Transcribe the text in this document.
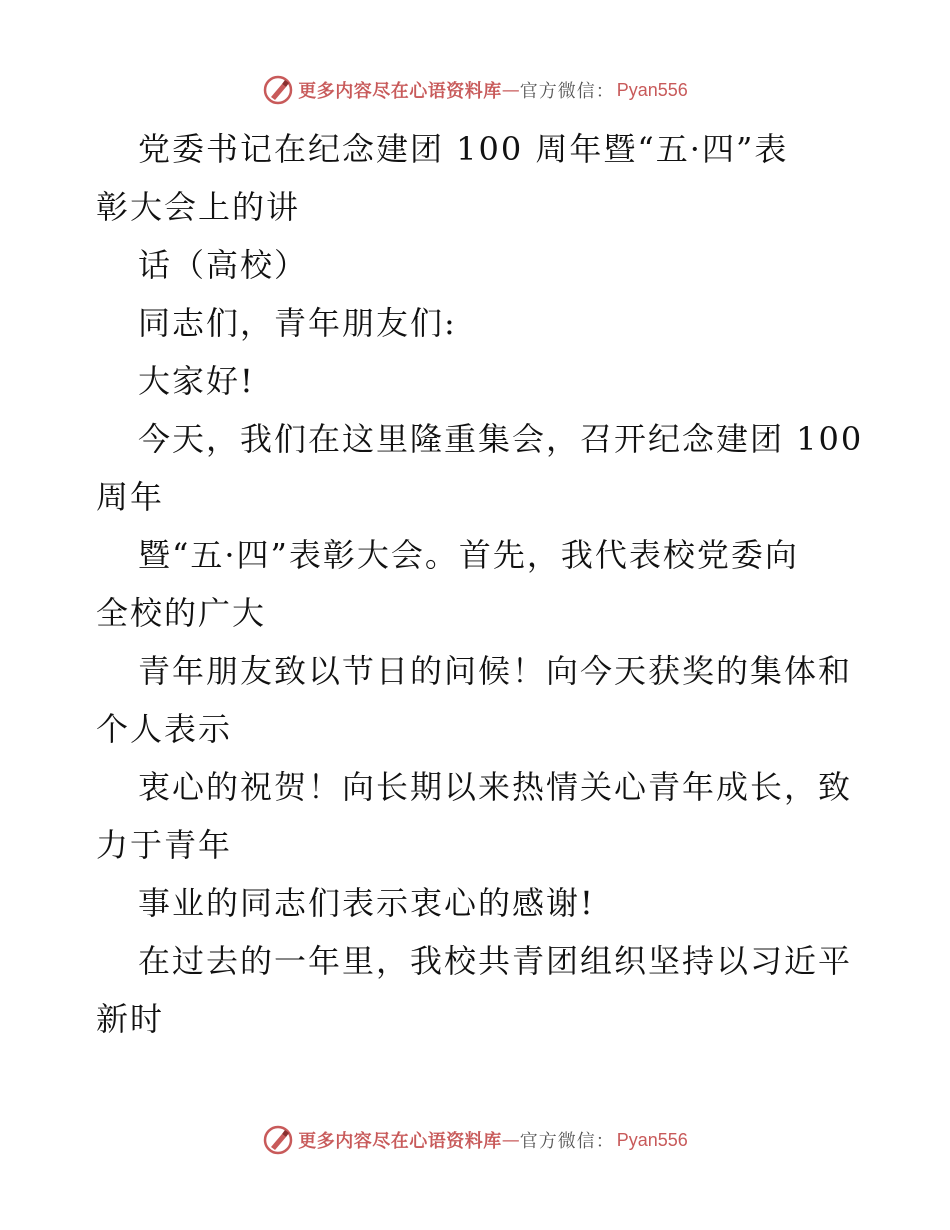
更多内容尽在心语资料库 — 官方微信： Pyan556
党委书记在纪念建团 100 周年暨“五·四”表
彰大会上的讲
话（高校）
同志们，青年朋友们:
大家好!
今天，我们在这里隆重集会，召开纪念建团 100
周年
暨“五·四”表彰大会。首先，我代表校党委向
全校的广大
青年朋友致以节日的问候！向今天获奖的集体和
个人表示
衷心的祝贺！向长期以来热情关心青年成长，致
力于青年
事业的同志们表示衷心的感谢!
在过去的一年里，我校共青团组织坚持以习近平
新时
更多内容尽在心语资料库 — 官方微信： Pyan556
